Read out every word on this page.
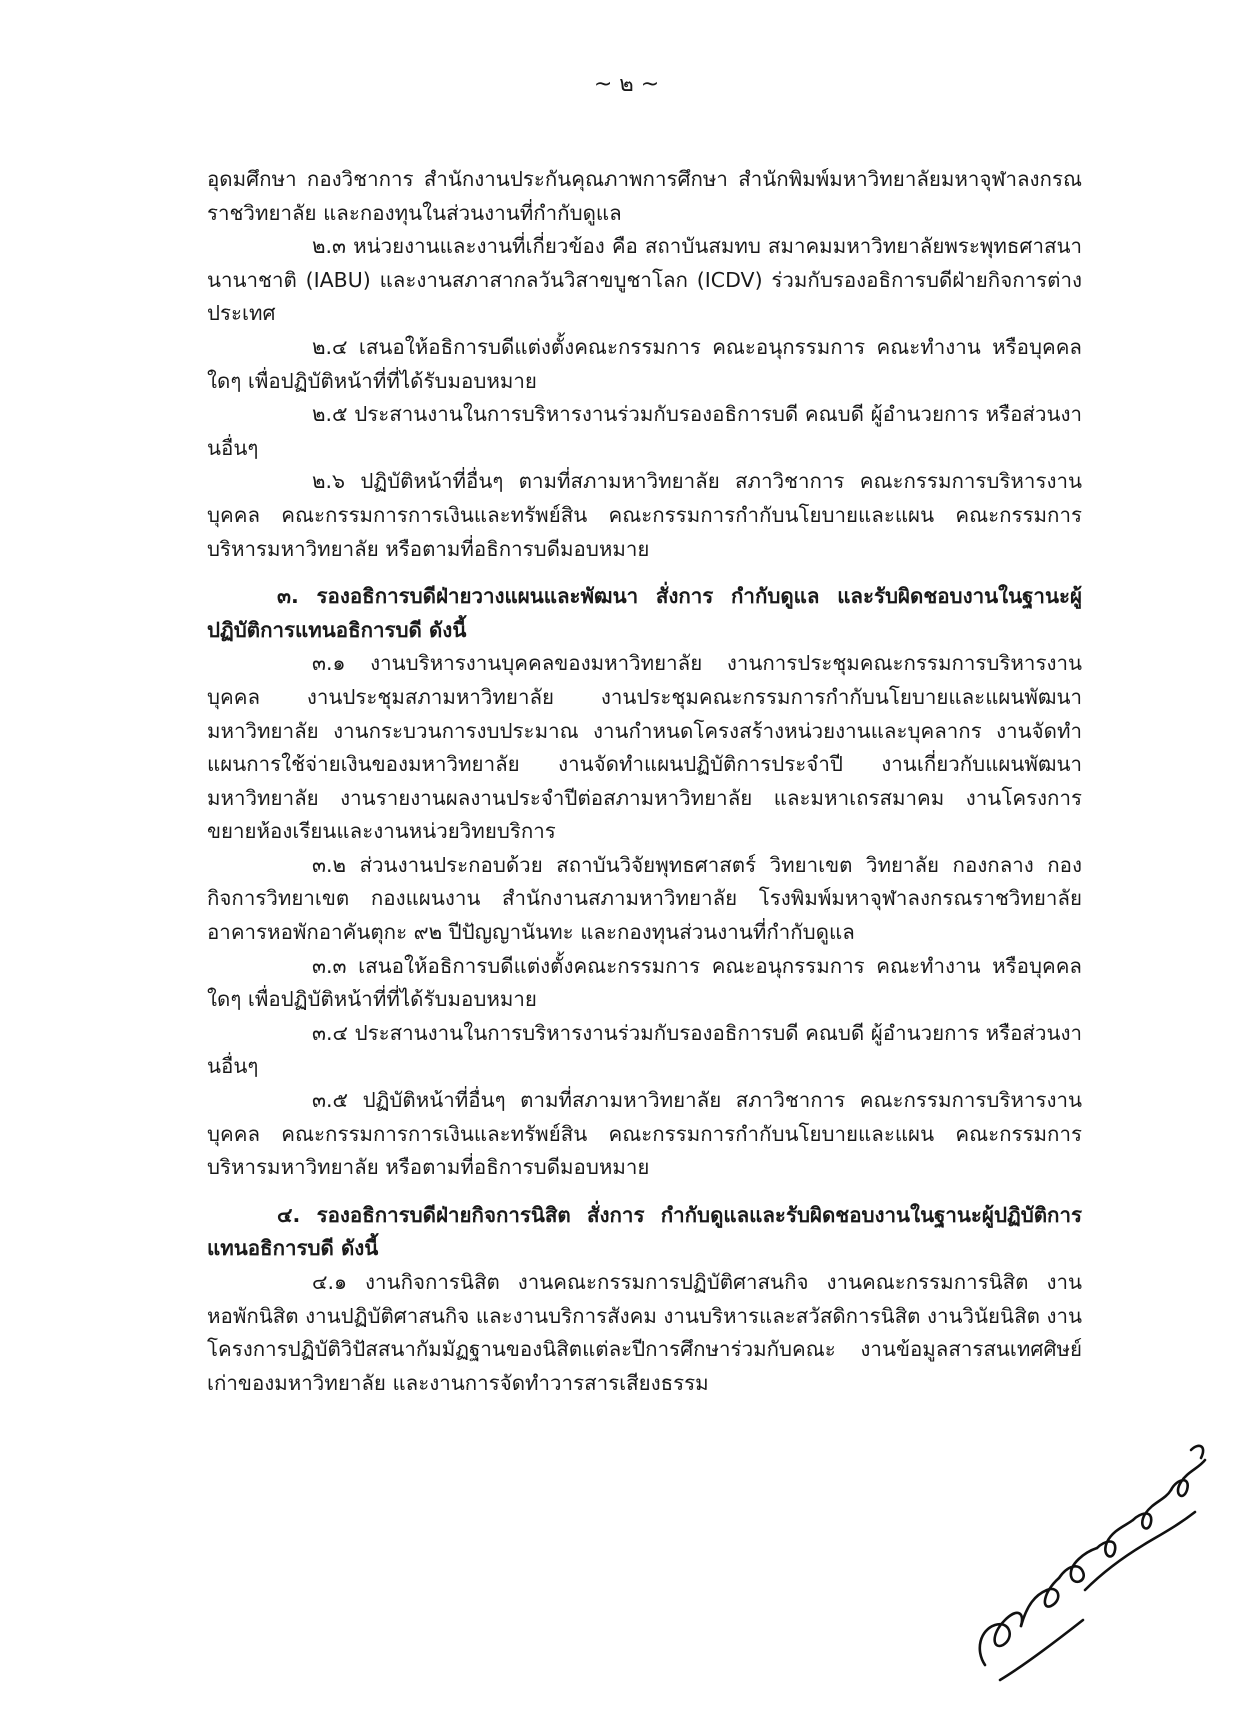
~ ๒ ~

อุดมศึกษา กองวิชาการ สำนักงานประกันคุณภาพการศึกษา สำนักพิมพ์มหาวิทยาลัยมหาจุฬาลงกรณราชวิทยาลัย และกองทุนในส่วนงานที่กำกับดูแล

๒.๓ หน่วยงานและงานที่เกี่ยวข้อง คือ สถาบันสมทบ สมาคมมหาวิทยาลัยพระพุทธศาสนานานาชาติ (IABU) และงานสภาสากลวันวิสาขบูชาโลก (ICDV) ร่วมกับรองอธิการบดีฝ่ายกิจการต่างประเทศ

๒.๔ เสนอให้อธิการบดีแต่งตั้งคณะกรรมการ คณะอนุกรรมการ คณะทำงาน หรือบุคคลใดๆ เพื่อปฏิบัติหน้าที่ที่ได้รับมอบหมาย

๒.๕ ประสานงานในการบริหารงานร่วมกับรองอธิการบดี คณบดี ผู้อำนวยการ หรือส่วนงานอื่นๆ

๒.๖ ปฏิบัติหน้าที่อื่นๆ ตามที่สภามหาวิทยาลัย สภาวิชาการ คณะกรรมการบริหารงานบุคคล คณะกรรมการการเงินและทรัพย์สิน คณะกรรมการกำกับนโยบายและแผน คณะกรรมการบริหารมหาวิทยาลัย หรือตามที่อธิการบดีมอบหมาย

๓. รองอธิการบดีฝ่ายวางแผนและพัฒนา สั่งการ กำกับดูแล และรับผิดชอบงานในฐานะผู้ปฏิบัติการแทนอธิการบดี ดังนี้

๓.๑ งานบริหารงานบุคคลของมหาวิทยาลัย งานการประชุมคณะกรรมการบริหารงานบุคคล งานประชุมสภามหาวิทยาลัย งานประชุมคณะกรรมการกำกับนโยบายและแผนพัฒนามหาวิทยาลัย งานกระบวนการงบประมาณ งานกำหนดโครงสร้างหน่วยงานและบุคลากร งานจัดทำแผนการใช้จ่ายเงินของมหาวิทยาลัย งานจัดทำแผนปฏิบัติการประจำปี งานเกี่ยวกับแผนพัฒนามหาวิทยาลัย งานรายงานผลงานประจำปีต่อสภามหาวิทยาลัย และมหาเถรสมาคม งานโครงการขยายห้องเรียนและงานหน่วยวิทยบริการ

๓.๒ ส่วนงานประกอบด้วย สถาบันวิจัยพุทธศาสตร์ วิทยาเขต วิทยาลัย กองกลาง กองกิจการวิทยาเขต กองแผนงาน สำนักงานสภามหาวิทยาลัย โรงพิมพ์มหาจุฬาลงกรณราชวิทยาลัย อาคารหอพักอาคันตุกะ ๙๒ ปีปัญญานันทะ และกองทุนส่วนงานที่กำกับดูแล

๓.๓ เสนอให้อธิการบดีแต่งตั้งคณะกรรมการ คณะอนุกรรมการ คณะทำงาน หรือบุคคลใดๆ เพื่อปฏิบัติหน้าที่ที่ได้รับมอบหมาย

๓.๔ ประสานงานในการบริหารงานร่วมกับรองอธิการบดี คณบดี ผู้อำนวยการ หรือส่วนงานอื่นๆ

๓.๕ ปฏิบัติหน้าที่อื่นๆ ตามที่สภามหาวิทยาลัย สภาวิชาการ คณะกรรมการบริหารงานบุคคล คณะกรรมการการเงินและทรัพย์สิน คณะกรรมการกำกับนโยบายและแผน คณะกรรมการบริหารมหาวิทยาลัย หรือตามที่อธิการบดีมอบหมาย

๔. รองอธิการบดีฝ่ายกิจการนิสิต สั่งการ กำกับดูแลและรับผิดชอบงานในฐานะผู้ปฏิบัติการแทนอธิการบดี ดังนี้

๔.๑ งานกิจการนิสิต งานคณะกรรมการปฏิบัติศาสนกิจ งานคณะกรรมการนิสิต งานหอพักนิสิต งานปฏิบัติศาสนกิจ และงานบริการสังคม งานบริหารและสวัสดิการนิสิต งานวินัยนิสิต งานโครงการปฏิบัติวิปัสสนากัมมัฏฐานของนิสิตแต่ละปีการศึกษาร่วมกับคณะ งานข้อมูลสารสนเทศศิษย์เก่าของมหาวิทยาลัย และงานการจัดทำวารสารเสียงธรรม
